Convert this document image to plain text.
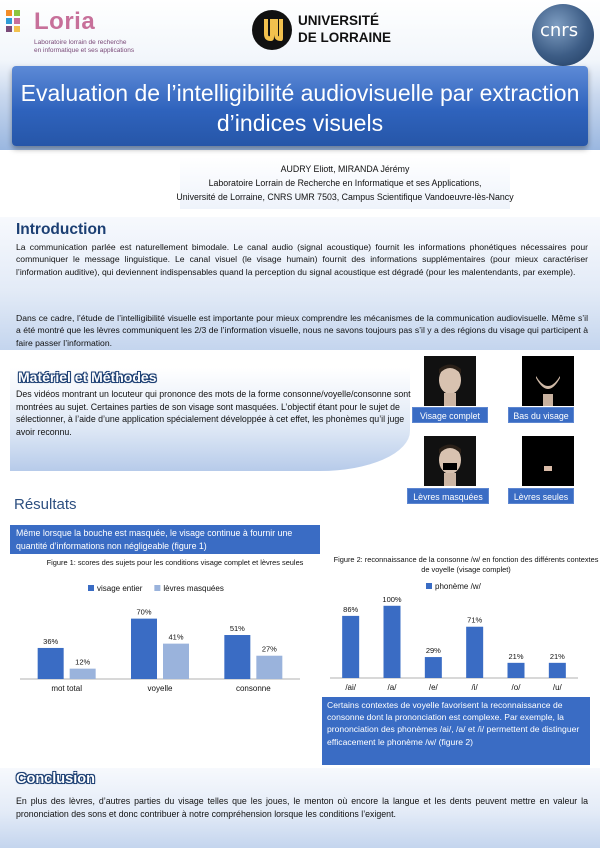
Loria
Laboratoire lorrain de recherche
en informatique et ses applications
UNIVERSITÉ
DE LORRAINE	cnrs
Evaluation de l’intelligibilité audiovisuelle par extraction d’indices visuels
AUDRY Eliott, MIRANDA Jérémy
Laboratoire Lorrain de Recherche en Informatique et ses Applications,
Université de Lorraine, CNRS UMR 7503, Campus Scientifique Vandoeuvre-lès-Nancy
Introduction
La communication parlée est naturellement bimodale. Le canal audio (signal acoustique) fournit les informations phonétiques nécessaires pour communiquer le message linguistique. Le canal visuel (le visage humain) fournit des informations supplémentaires (pour mieux caractériser l’information auditive), qui deviennent indispensables quand la perception du signal acoustique est dégradé (pour les malentendants, par exemple).
Dans ce cadre, l’étude de l’intelligibilité visuelle est importante pour mieux comprendre les mécanismes de la communication audiovisuelle. Même s’il a été montré que les lèvres communiquent les 2/3 de l’information visuelle, nous ne savons toujours pas s’il y a des régions du visage qui participent à faire passer l’information.
Matériel et Méthodes
Des vidéos montrant un locuteur qui prononce des mots de la forme consonne/voyelle/consonne sont montrées au sujet. Certaines parties de son visage sont masquées. L’objectif étant pour le sujet de sélectionner, à l’aide d’une application spécialement développée à cet effet, les phonèmes qu’il juge avoir reconnu.
Visage complet	Bas du visage
Lèvres masquées	Lèvres seules
Résultats
Même lorsque la bouche est masquée, le visage continue à fournir une quantité d’informations non négligeable (figure 1)
Figure 1: scores des sujets pour les conditions visage complet et lèvres seules	Figure 2: reconnaissance de la consonne /w/ en fonction des différents contextes de voyelle (visage complet)
visage entier	lèvres masquées
36%
12%
mot total
70%
41%
voyelle
51%
27%
consonne
phonème /w/
86%
/ai/
100%
/a/
29%
/e/
71%
/i/
21%
/o/
21%
/u/
Certains contextes de voyelle favorisent la reconnaissance de consonne dont la prononciation est complexe. Par exemple, la prononciation des phonèmes /ai/, /a/ et /i/ permettent de distinguer efficacement le phonème /w/ (figure 2)
Conclusion
En plus des lèvres, d’autres parties du visage telles que les joues, le menton où encore la langue et les dents peuvent mettre en valeur la prononciation des sons et donc contribuer à notre compréhension lorsque les conditions l’exigent.
